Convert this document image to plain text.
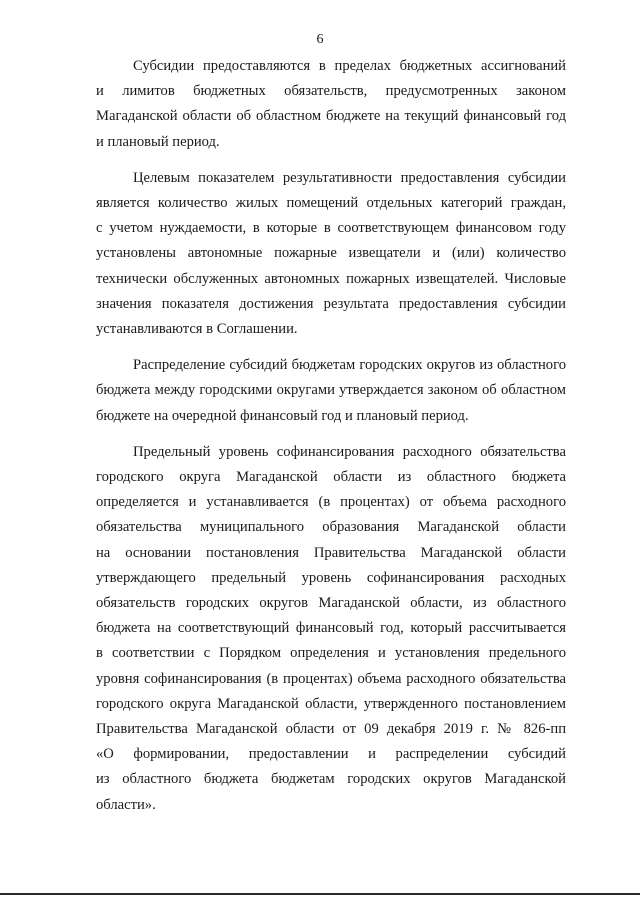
6

Субсидии предоставляются в пределах бюджетных ассигнований
и лимитов бюджетных обязательств, предусмотренных законом
Магаданской области об областном бюджете на текущий финансовый год
и плановый период.

Целевым показателем результативности предоставления субсидии
является количество жилых помещений отдельных категорий граждан,
с учетом нуждаемости, в которые в соответствующем финансовом году
установлены автономные пожарные извещатели и (или) количество
технически обслуженных автономных пожарных извещателей. Числовые
значения показателя достижения результата предоставления субсидии
устанавливаются в Соглашении.

Распределение субсидий бюджетам городских округов из областного
бюджета между городскими округами утверждается законом об областном
бюджете на очередной финансовый год и плановый период.

Предельный уровень софинансирования расходного обязательства
городского округа Магаданской области из областного бюджета
определяется и устанавливается (в процентах) от объема расходного
обязательства муниципального образования Магаданской области
на основании постановления Правительства Магаданской области
утверждающего предельный уровень софинансирования расходных
обязательств городских округов Магаданской области, из областного
бюджета на соответствующий финансовый год, который рассчитывается
в соответствии с Порядком определения и установления предельного
уровня софинансирования (в процентах) объема расходного обязательства
городского округа Магаданской области, утвержденного постановлением
Правительства Магаданской области от 09 декабря 2019 г. № 826-пп
«О формировании, предоставлении и распределении субсидий
из областного бюджета бюджетам городских округов Магаданской
области».
